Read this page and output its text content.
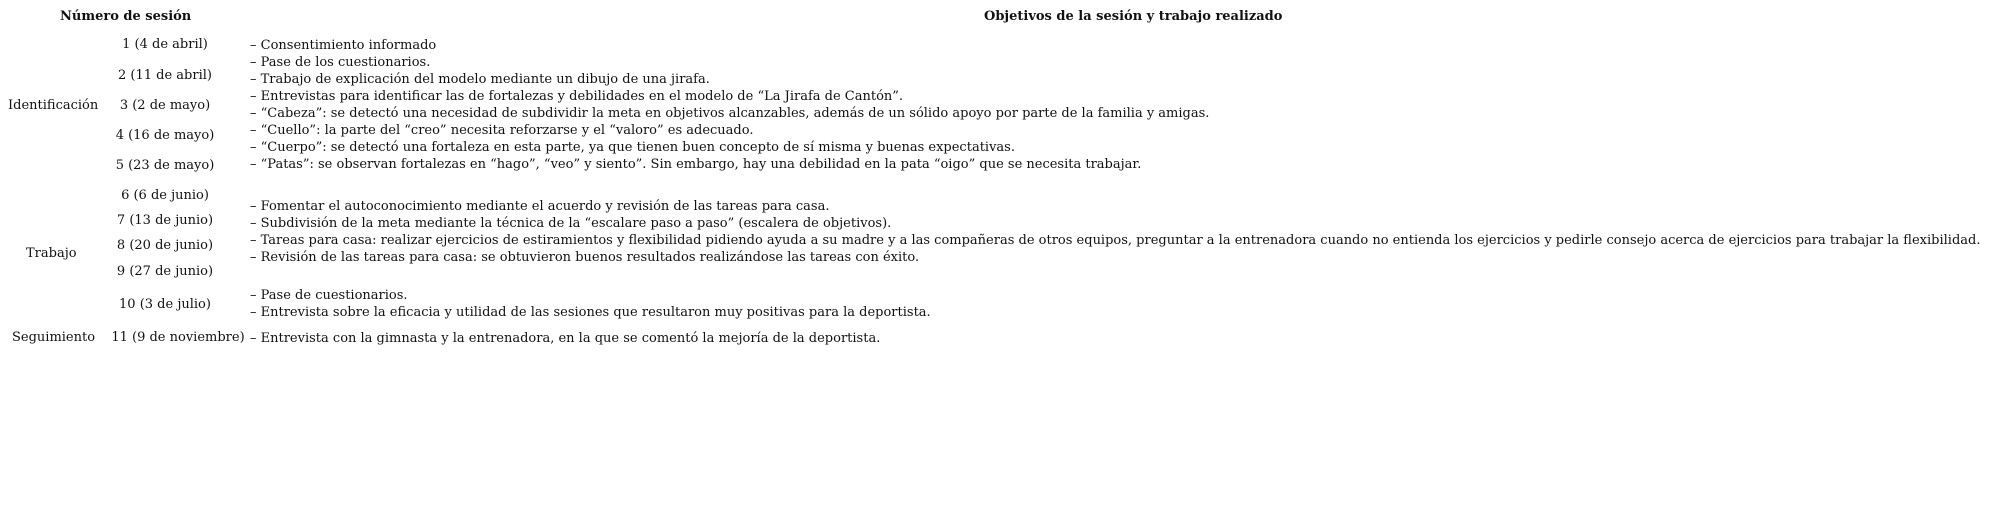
Número de sesión	Objetivos de la sesión y trabajo realizado
Identificación
1 (4 de abril)
2 (11 de abril)
3 (2 de mayo)
4 (16 de mayo)
5 (23 de mayo)
– Consentimiento informado
– Pase de los cuestionarios.
– Trabajo de explicación del modelo mediante un dibujo de una jirafa.
– Entrevistas para identificar las de fortalezas y debilidades en el modelo de “La Jirafa de Cantón”.
– “Cabeza”: se detectó una necesidad de subdividir la meta en objetivos alcanzables, además de un sólido apoyo por parte de la familia y amigas.
– “Cuello”: la parte del “creo” necesita reforzarse y el “valoro” es adecuado.
– “Cuerpo”: se detectó una fortaleza en esta parte, ya que tienen buen concepto de sí misma y buenas expectativas.
– “Patas”: se observan fortalezas en “hago”, “veo” y siento”. Sin embargo, hay una debilidad en la pata “oigo” que se necesita trabajar.
Trabajo
6 (6 de junio)
7 (13 de junio)
8 (20 de junio)
9 (27 de junio)
10 (3 de julio)
– Fomentar el autoconocimiento mediante el acuerdo y revisión de las tareas para casa.
– Subdivisión de la meta mediante la técnica de la “escalare paso a paso” (escalera de objetivos).
– Tareas para casa: realizar ejercicios de estiramientos y flexibilidad pidiendo ayuda a su madre y a las compañeras de otros equipos, preguntar a la entrenadora cuando no entienda los ejercicios y pedirle consejo acerca de ejercicios para trabajar la flexibilidad.
– Revisión de las tareas para casa: se obtuvieron buenos resultados realizándose las tareas con éxito.
– Pase de cuestionarios.
– Entrevista sobre la eficacia y utilidad de las sesiones que resultaron muy positivas para la deportista.
Seguimiento 11 (9 de noviembre) – Entrevista con la gimnasta y la entrenadora, en la que se comentó la mejoría de la deportista.
